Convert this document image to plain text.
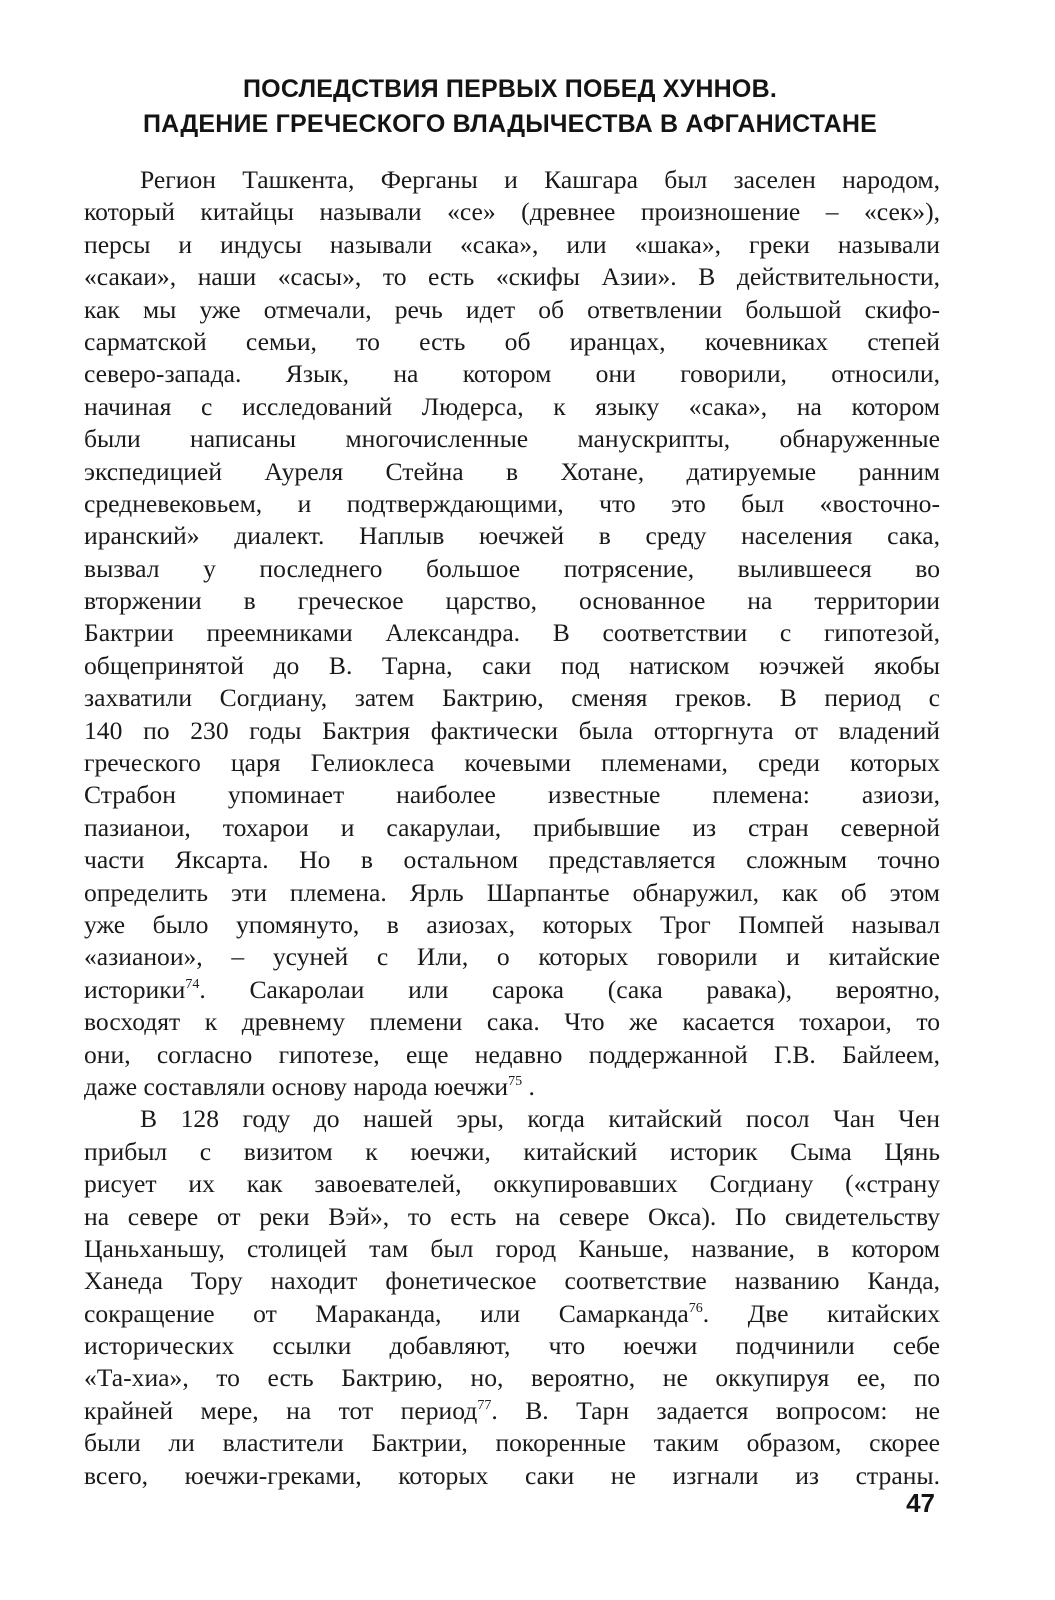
ПОСЛЕДСТВИЯ ПЕРВЫХ ПОБЕД ХУННОВ.
ПАДЕНИЕ ГРЕЧЕСКОГО ВЛАДЫЧЕСТВА В АФГАНИСТАНЕ

Регион Ташкента, Ферганы и Кашгара был заселен народом,
который китайцы называли «се» (древнее произношение – «сек»),
персы и индусы называли «сака», или «шака», греки называли
«сакаи», наши «сасы», то есть «скифы Азии». В действительности,
как мы уже отмечали, речь идет об ответвлении большой скифо-
сарматской семьи, то есть об иранцах, кочевниках степей
северо-запада. Язык, на котором они говорили, относили,
начиная с исследований Людерса, к языку «сака», на котором
были написаны многочисленные манускрипты, обнаруженные
экспедицией Ауреля Стейна в Хотане, датируемые ранним
средневековьем, и подтверждающими, что это был «восточно-
иранский» диалект. Наплыв юечжей в среду населения сака,
вызвал у последнего большое потрясение, вылившееся во
вторжении в греческое царство, основанное на территории
Бактрии преемниками Александра. В соответствии с гипотезой,
общепринятой до В. Тарна, саки под натиском юэчжей якобы
захватили Согдиану, затем Бактрию, сменяя греков. В период с
140 по 230 годы Бактрия фактически была отторгнута от владений
греческого царя Гелиоклеса кочевыми племенами, среди которых
Страбон упоминает наиболее известные племена: азиози,
пазианои, тохарои и сакарулаи, прибывшие из стран северной
части Яксарта. Но в остальном представляется сложным точно
определить эти племена. Ярль Шарпантье обнаружил, как об этом
уже было упомянуто, в азиозах, которых Трог Помпей называл
«азианои», – усуней с Или, о которых говорили и китайские
историки$^{74}$. Сакаролаи или сарока (сака равака), вероятно,
восходят к древнему племени сака. Что же касается тохарои, то
они, согласно гипотезе, еще недавно поддержанной Г.В. Байлеем,
даже составляли основу народа юечжи$^{75}$ .

В 128 году до нашей эры, когда китайский посол Чан Чен
прибыл с визитом к юечжи, китайский историк Сыма Цянь
рисует их как завоевателей, оккупировавших Согдиану («страну
на севере от реки Вэй», то есть на севере Окса). По свидетельству
Цаньханьшу, столицей там был город Каньше, название, в котором
Ханеда Тору находит фонетическое соответствие названию Канда,
сокращение от Мараканда, или Самарканда$^{76}$. Две китайских
исторических ссылки добавляют, что юечжи подчинили себе
«Та-хиа», то есть Бактрию, но, вероятно, не оккупируя ее, по
крайней мере, на тот период$^{77}$. В. Тарн задается вопросом: не
были ли властители Бактрии, покоренные таким образом, скорее
всего, юечжи-греками, которых саки не изгнали из страны.

47
